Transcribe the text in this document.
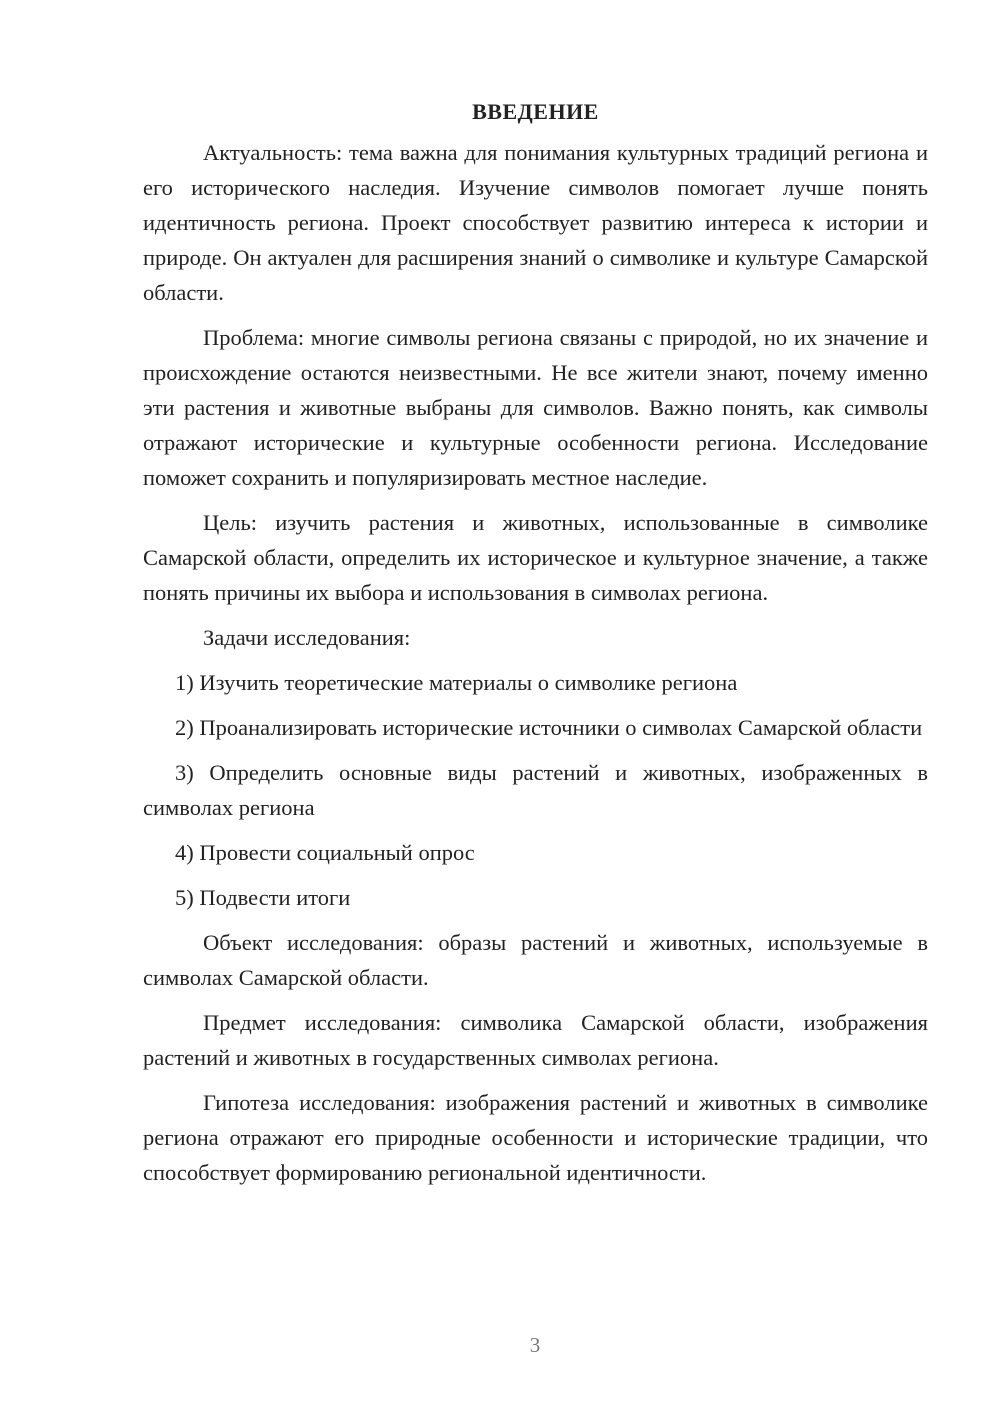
ВВЕДЕНИЕ

Актуальность: тема важна для понимания культурных традиций региона и его исторического наследия. Изучение символов помогает лучше понять идентичность региона. Проект способствует развитию интереса к истории и природе. Он актуален для расширения знаний о символике и культуре Самарской области.

Проблема: многие символы региона связаны с природой, но их значение и происхождение остаются неизвестными. Не все жители знают, почему именно эти растения и животные выбраны для символов. Важно понять, как символы отражают исторические и культурные особенности региона. Исследование поможет сохранить и популяризировать местное наследие.

Цель: изучить растения и животных, использованные в символике Самарской области, определить их историческое и культурное значение, а также понять причины их выбора и использования в символах региона.

Задачи исследования:

1) Изучить теоретические материалы о символике региона

2) Проанализировать исторические источники о символах Самарской области

3) Определить основные виды растений и животных, изображенных в символах региона

4) Провести социальный опрос

5) Подвести итоги

Объект исследования: образы растений и животных, используемые в символах Самарской области.

Предмет исследования: символика Самарской области, изображения растений и животных в государственных символах региона.

Гипотеза исследования: изображения растений и животных в символике региона отражают его природные особенности и исторические традиции, что способствует формированию региональной идентичности.

3
